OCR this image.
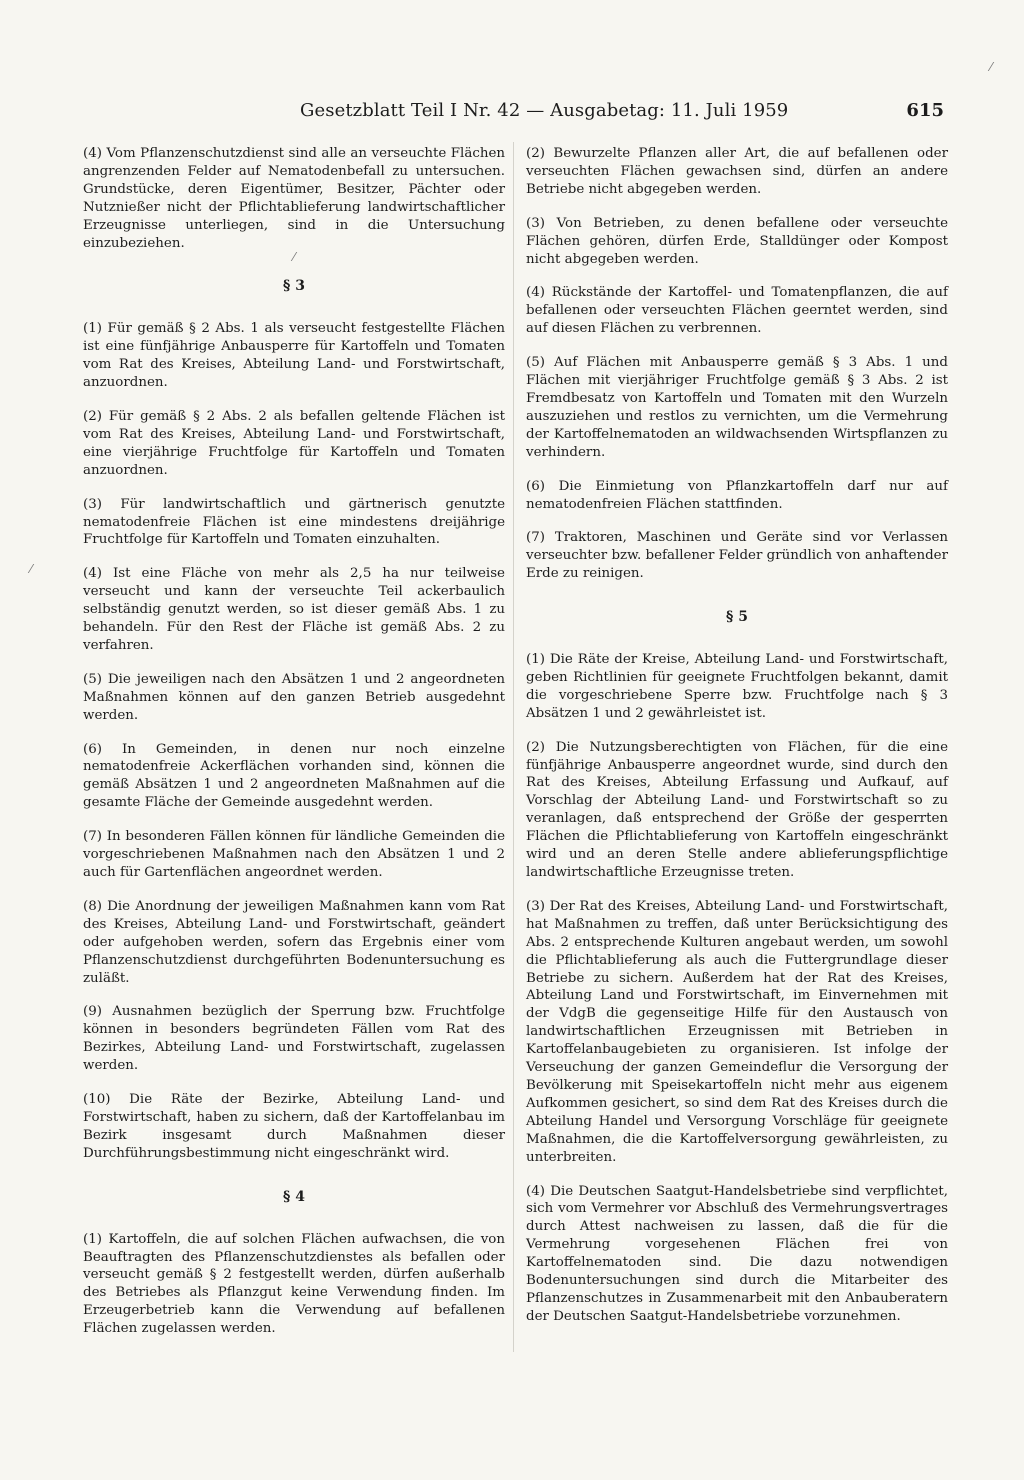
Gesetzblatt Teil I Nr. 42 — Ausgabetag: 11. Juli 1959	615
⁄
⁄
⁄

(4) Vom Pflanzenschutzdienst sind alle an verseuchte Flächen angrenzenden Felder auf Nematodenbefall zu untersuchen. Grundstücke, deren Eigentümer, Besitzer, Pächter oder Nutznießer nicht der Pflichtablieferung landwirtschaftlicher Erzeugnisse unterliegen, sind in die Untersuchung einzubeziehen.

§ 3

(1) Für gemäß § 2 Abs. 1 als verseucht festgestellte Flächen ist eine fünfjährige Anbausperre für Kartoffeln und Tomaten vom Rat des Kreises, Abteilung Land- und Forstwirtschaft, anzuordnen.

(2) Für gemäß § 2 Abs. 2 als befallen geltende Flächen ist vom Rat des Kreises, Abteilung Land- und Forstwirtschaft, eine vierjährige Fruchtfolge für Kartoffeln und Tomaten anzuordnen.

(3) Für landwirtschaftlich und gärtnerisch genutzte nematodenfreie Flächen ist eine mindestens dreijährige Fruchtfolge für Kartoffeln und Tomaten einzuhalten.

(4) Ist eine Fläche von mehr als 2,5 ha nur teilweise verseucht und kann der verseuchte Teil ackerbaulich selbständig genutzt werden, so ist dieser gemäß Abs. 1 zu behandeln. Für den Rest der Fläche ist gemäß Abs. 2 zu verfahren.

(5) Die jeweiligen nach den Absätzen 1 und 2 angeordneten Maßnahmen können auf den ganzen Betrieb ausgedehnt werden.

(6) In Gemeinden, in denen nur noch einzelne nematodenfreie Ackerflächen vorhanden sind, können die gemäß Absätzen 1 und 2 angeordneten Maßnahmen auf die gesamte Fläche der Gemeinde ausgedehnt werden.

(7) In besonderen Fällen können für ländliche Gemeinden die vorgeschriebenen Maßnahmen nach den Absätzen 1 und 2 auch für Gartenflächen angeordnet werden.

(8) Die Anordnung der jeweiligen Maßnahmen kann vom Rat des Kreises, Abteilung Land- und Forstwirtschaft, geändert oder aufgehoben werden, sofern das Ergebnis einer vom Pflanzenschutzdienst durchgeführten Bodenuntersuchung es zuläßt.

(9) Ausnahmen bezüglich der Sperrung bzw. Fruchtfolge können in besonders begründeten Fällen vom Rat des Bezirkes, Abteilung Land- und Forstwirtschaft, zugelassen werden.

(10) Die Räte der Bezirke, Abteilung Land- und Forstwirtschaft, haben zu sichern, daß der Kartoffelanbau im Bezirk insgesamt durch Maßnahmen dieser Durchführungsbestimmung nicht eingeschränkt wird.

§ 4

(1) Kartoffeln, die auf solchen Flächen aufwachsen, die von Beauftragten des Pflanzenschutzdienstes als befallen oder verseucht gemäß § 2 festgestellt werden, dürfen außerhalb des Betriebes als Pflanzgut keine Verwendung finden. Im Erzeugerbetrieb kann die Verwendung auf befallenen Flächen zugelassen werden.

(2) Bewurzelte Pflanzen aller Art, die auf befallenen oder verseuchten Flächen gewachsen sind, dürfen an andere Betriebe nicht abgegeben werden.

(3) Von Betrieben, zu denen befallene oder verseuchte Flächen gehören, dürfen Erde, Stalldünger oder Kompost nicht abgegeben werden.

(4) Rückstände der Kartoffel- und Tomatenpflanzen, die auf befallenen oder verseuchten Flächen geerntet werden, sind auf diesen Flächen zu verbrennen.

(5) Auf Flächen mit Anbausperre gemäß § 3 Abs. 1 und Flächen mit vierjähriger Fruchtfolge gemäß § 3 Abs. 2 ist Fremdbesatz von Kartoffeln und Tomaten mit den Wurzeln auszuziehen und restlos zu vernichten, um die Vermehrung der Kartoffelnematoden an wildwachsenden Wirtspflanzen zu verhindern.

(6) Die Einmietung von Pflanzkartoffeln darf nur auf nematodenfreien Flächen stattfinden.

(7) Traktoren, Maschinen und Geräte sind vor Verlassen verseuchter bzw. befallener Felder gründlich von anhaftender Erde zu reinigen.

§ 5

(1) Die Räte der Kreise, Abteilung Land- und Forstwirtschaft, geben Richtlinien für geeignete Fruchtfolgen bekannt, damit die vorgeschriebene Sperre bzw. Fruchtfolge nach § 3 Absätzen 1 und 2 gewährleistet ist.

(2) Die Nutzungsberechtigten von Flächen, für die eine fünfjährige Anbausperre angeordnet wurde, sind durch den Rat des Kreises, Abteilung Erfassung und Aufkauf, auf Vorschlag der Abteilung Land- und Forstwirtschaft so zu veranlagen, daß entsprechend der Größe der gesperrten Flächen die Pflichtablieferung von Kartoffeln eingeschränkt wird und an deren Stelle andere ablieferungspflichtige landwirtschaftliche Erzeugnisse treten.

(3) Der Rat des Kreises, Abteilung Land- und Forstwirtschaft, hat Maßnahmen zu treffen, daß unter Berücksichtigung des Abs. 2 entsprechende Kulturen angebaut werden, um sowohl die Pflichtablieferung als auch die Futtergrundlage dieser Betriebe zu sichern. Außerdem hat der Rat des Kreises, Abteilung Land und Forstwirtschaft, im Einvernehmen mit der VdgB die gegenseitige Hilfe für den Austausch von landwirtschaftlichen Erzeugnissen mit Betrieben in Kartoffelanbaugebieten zu organisieren. Ist infolge der Verseuchung der ganzen Gemeindeflur die Versorgung der Bevölkerung mit Speisekartoffeln nicht mehr aus eigenem Aufkommen gesichert, so sind dem Rat des Kreises durch die Abteilung Handel und Versorgung Vorschläge für geeignete Maßnahmen, die die Kartoffelversorgung gewährleisten, zu unterbreiten.

(4) Die Deutschen Saatgut-Handelsbetriebe sind verpflichtet, sich vom Vermehrer vor Abschluß des Vermehrungsvertrages durch Attest nachweisen zu lassen, daß die für die Vermehrung vorgesehenen Flächen frei von Kartoffelnematoden sind. Die dazu notwendigen Bodenuntersuchungen sind durch die Mitarbeiter des Pflanzenschutzes in Zusammenarbeit mit den Anbauberatern der Deutschen Saatgut-Handelsbetriebe vorzunehmen.
